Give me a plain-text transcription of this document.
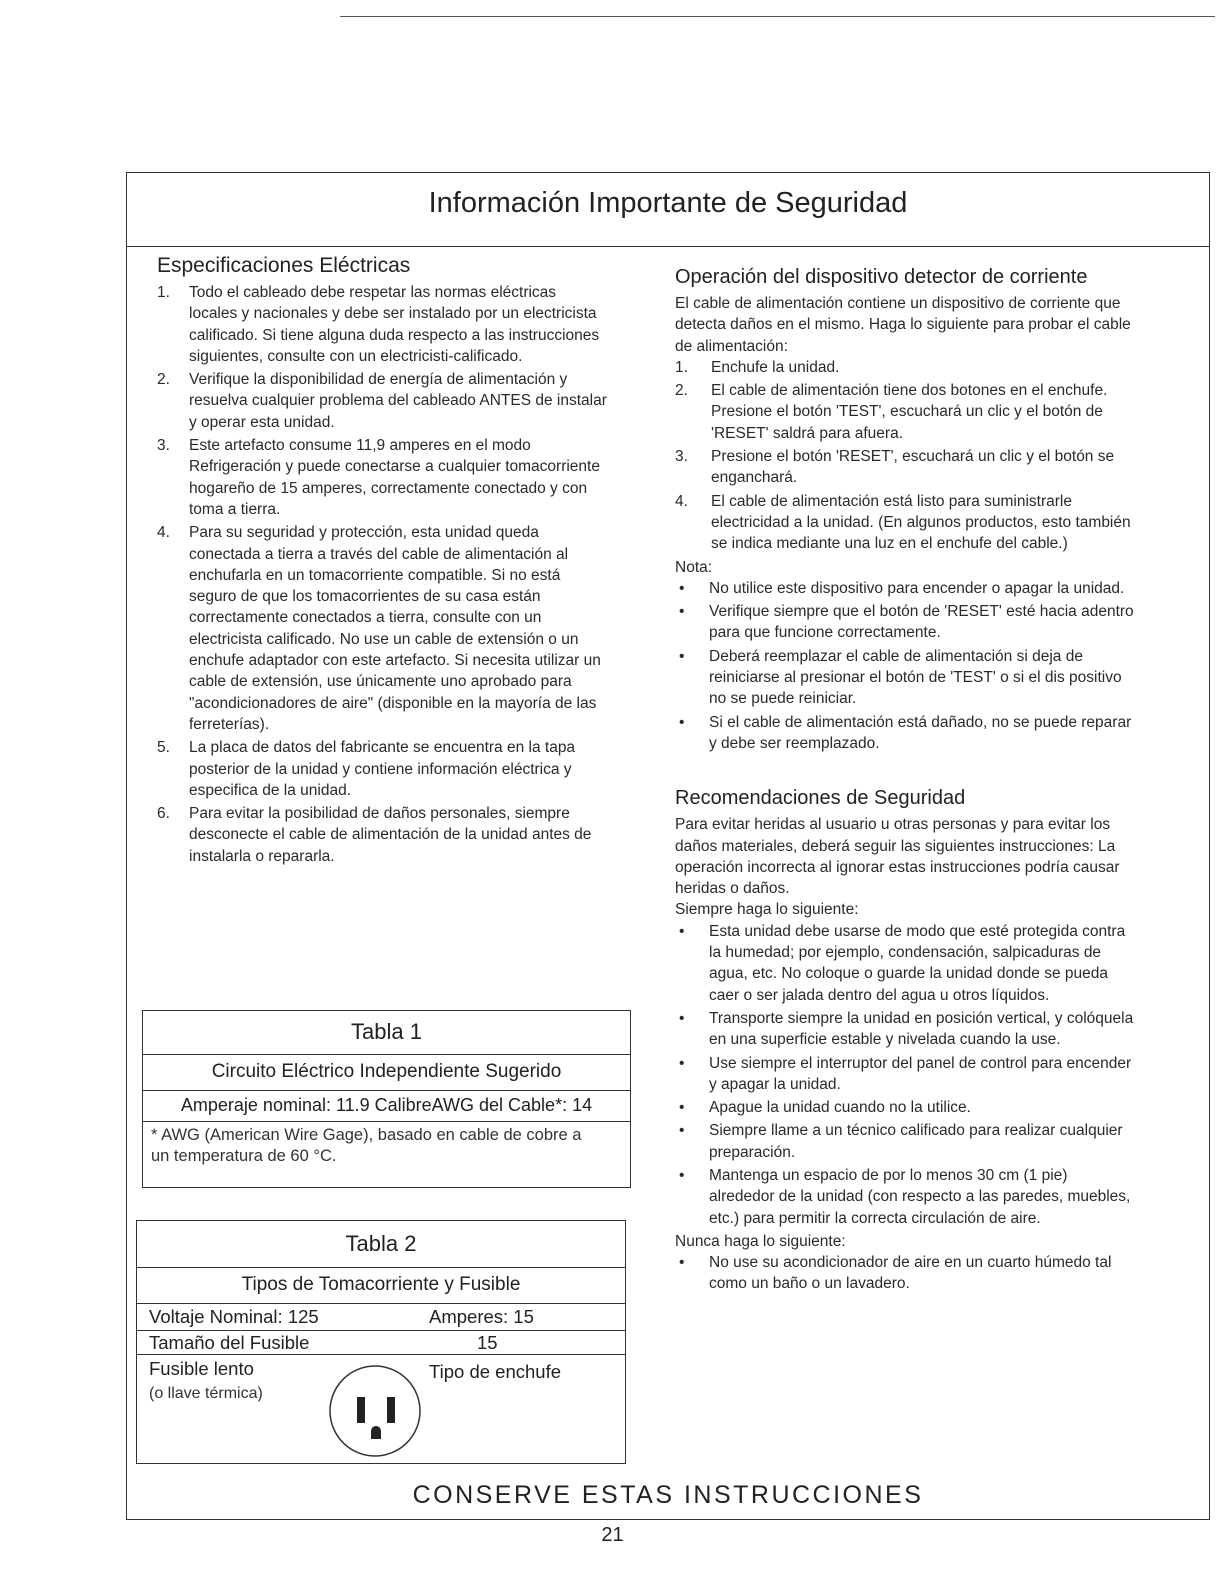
Información Importante de Seguridad
Especificaciones Eléctricas
1. Todo el cableado debe respetar las normas eléctricas locales y nacionales y debe ser instalado por un electricista calificado. Si tiene alguna duda respecto a las instrucciones siguientes, consulte con un electricisti-calificado.
2. Verifique la disponibilidad de energía de alimentación y resuelva cualquier problema del cableado ANTES de instalar y operar esta unidad.
3. Este artefacto consume 11,9 amperes en el modo Refrigeración y puede conectarse a cualquier tomacorriente hogareño de 15 amperes, correctamente conectado y con toma a tierra.
4. Para su seguridad y protección, esta unidad queda conectada a tierra a través del cable de alimentación al enchufarla en un tomacorriente compatible. Si no está seguro de que los tomacorrientes de su casa están correctamente conectados a tierra, consulte con un electricista calificado. No use un cable de extensión o un enchufe adaptador con este artefacto. Si necesita utilizar un cable de extensión, use únicamente uno aprobado para "acondicionadores de aire" (disponible en la mayoría de las ferreterías).
5. La placa de datos del fabricante se encuentra en la tapa posterior de la unidad y contiene información eléctrica y especifica de la unidad.
6. Para evitar la posibilidad de daños personales, siempre desconecte el cable de alimentación de la unidad antes de instalarla o repararla.
Tabla 1
Circuito Eléctrico Independiente Sugerido
Amperaje nominal: 11.9 CalibreAWG del Cable*: 14
* AWG (American Wire Gage), basado en cable de cobre a un temperatura de 60 °C.
Tabla 2
Tipos de Tomacorriente y Fusible
Voltaje Nominal: 125	Amperes: 15
Tamaño del Fusible	15
Fusible lento
(o llave térmica)
Tipo de enchufe
Operación del dispositivo detector de corriente

El cable de alimentación contiene un dispositivo de corriente que detecta daños en el mismo. Haga lo siguiente para probar el cable de alimentación:

1. Enchufe la unidad.
2. El cable de alimentación tiene dos botones en el enchufe. Presione el botón 'TEST', escuchará un clic y el botón de 'RESET' saldrá para afuera.
3. Presione el botón 'RESET', escuchará un clic y el botón se enganchará.
4. El cable de alimentación está listo para suministrarle electricidad a la unidad. (En algunos productos, esto también se indica mediante una luz en el enchufe del cable.)

Nota:

• No utilice este dispositivo para encender o apagar la unidad.
• Verifique siempre que el botón de 'RESET' esté hacia adentro para que funcione correctamente.
• Deberá reemplazar el cable de alimentación si deja de reiniciarse al presionar el botón de 'TEST' o si el dis positivo no se puede reiniciar.
• Si el cable de alimentación está dañado, no se puede reparar y debe ser reemplazado.
Recomendaciones de Seguridad

Para evitar heridas al usuario u otras personas y para evitar los daños materiales, deberá seguir las siguientes instrucciones: La operación incorrecta al ignorar estas instrucciones podría causar heridas o daños.

Siempre haga lo siguiente:

• Esta unidad debe usarse de modo que esté protegida contra la humedad; por ejemplo, condensación, salpicaduras de agua, etc. No coloque o guarde la unidad donde se pueda caer o ser jalada dentro del agua u otros líquidos.
• Transporte siempre la unidad en posición vertical, y colóquela en una superficie estable y nivelada cuando la use.
• Use siempre el interruptor del panel de control para encender y apagar la unidad.
• Apague la unidad cuando no la utilice.
• Siempre llame a un técnico calificado para realizar cualquier preparación.
• Mantenga un espacio de por lo menos 30 cm (1 pie) alrededor de la unidad (con respecto a las paredes, muebles, etc.) para permitir la correcta circulación de aire.

Nunca haga lo siguiente:

• No use su acondicionador de aire en un cuarto húmedo tal como un baño o un lavadero.
CONSERVE ESTAS INSTRUCCIONES
21
